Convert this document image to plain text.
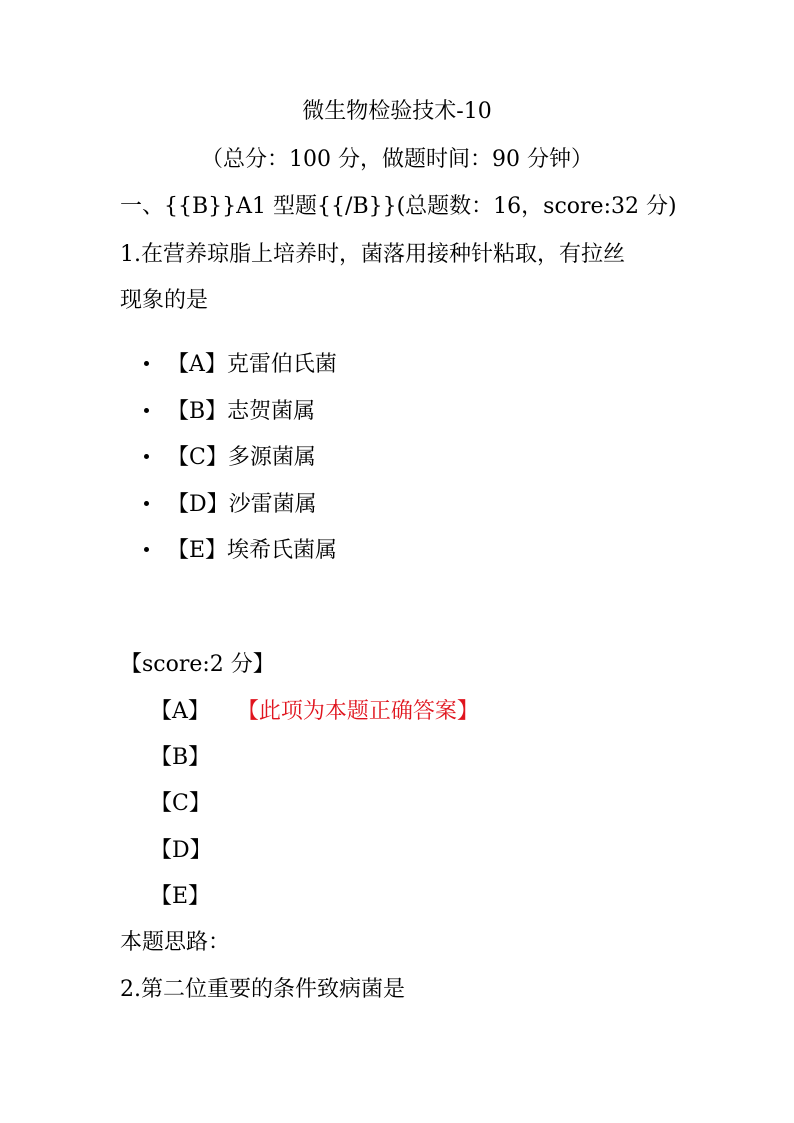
微生物检验技术-10
（总分：100 分，做题时间：90 分钟）
一、{{B}}A1 型题{{/B}}(总题数：16，score:32 分)
1.在营养琼脂上培养时，菌落用接种针粘取，有拉丝
现象的是
【A】克雷伯氏菌
【B】志贺菌属
【C】多源菌属
【D】沙雷菌属
【E】埃希氏菌属
【score:2 分】
【A】 【此项为本题正确答案】
【B】
【C】
【D】
【E】
本题思路：
2.第二位重要的条件致病菌是
